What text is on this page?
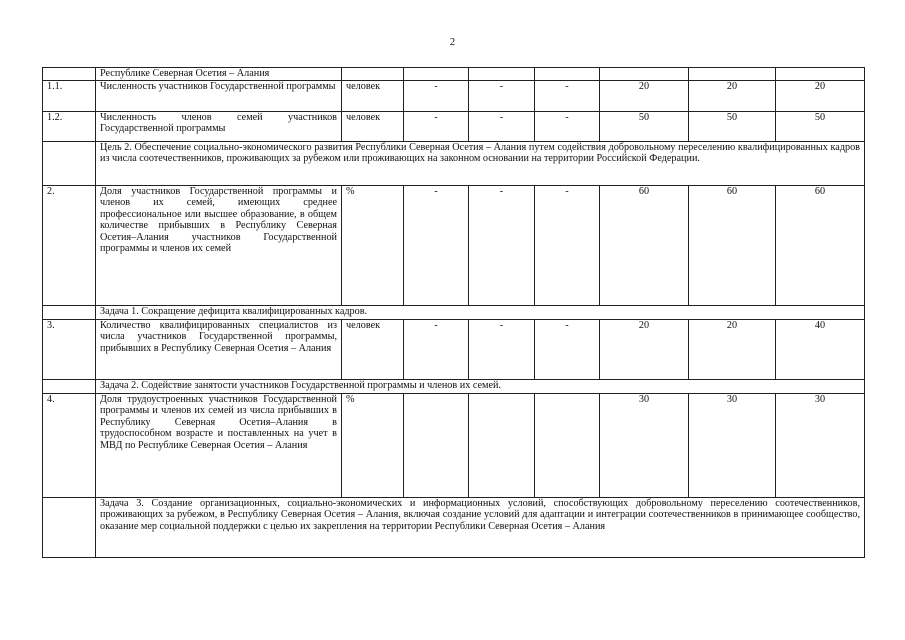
2
	Республике Северная Осетия – Алания							
1.1.	Численность участников Государственной программы	человек	-	-	-	20	20	20
1.2.	Численность членов семей участников Государственной программы	человек	-	-	-	50	50	50
	Цель 2. Обеспечение социально-экономического развития Республики Северная Осетия – Алания путем содействия добровольному переселению квалифицированных кадров из числа соотечественников, проживающих за рубежом или проживающих на законном основании на территории Российской Федерации.							
2.	Доля участников Государственной программы и членов их семей, имеющих среднее профессиональное или высшее образование, в общем количестве прибывших в Республику Северная Осетия–Алания участников Государственной программы и членов их семей	%	-	-	-	60	60	60
	Задача 1. Сокращение дефицита квалифицированных кадров.							
3.	Количество квалифицированных специалистов из числа участников Государственной программы, прибывших в Республику Северная Осетия – Алания	человек	-	-	-	20	20	40
	Задача 2. Содействие занятости участников Государственной программы и членов их семей.							
4.	Доля трудоустроенных участников Государственной программы и членов их семей из числа прибывших в Республику Северная Осетия–Алания в трудоспособном возрасте и поставленных на учет в МВД по Республике Северная Осетия – Алания	%				30	30	30
	Задача 3. Создание организационных, социально-экономических и информационных условий, способствующих добровольному переселению соотечественников, проживающих за рубежом, в Республику Северная Осетия – Алания, включая создание условий для адаптации и интеграции соотечественников в принимающее сообщество, оказание мер социальной поддержки с целью их закрепления на территории Республики Северная Осетия – Алания							
